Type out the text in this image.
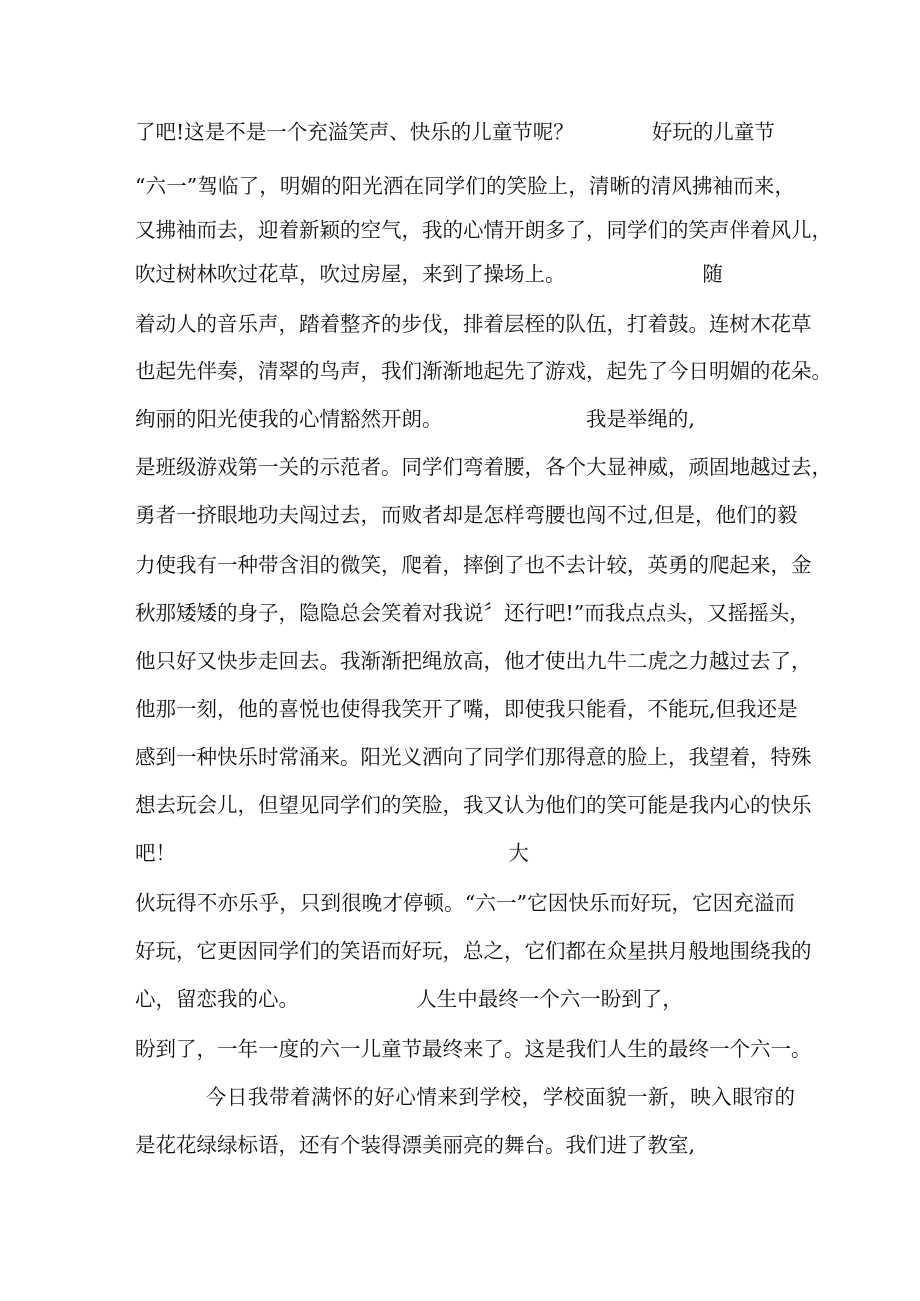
了吧!这是不是一个充溢笑声、快乐的儿童节呢？            好玩的儿童节

“六一”驾临了，明媚的阳光洒在同学们的笑脸上，清晰的清风拂袖而来，

又拂袖而去，迎着新颖的空气，我的心情开朗多了，同学们的笑声伴着风儿，

吹过树林吹过花草，吹过房屋，来到了操场上。                     随

着动人的音乐声，踏着整齐的步伐，排着层桎的队伍，打着鼓。连树木花草

也起先伴奏，清翠的鸟声，我们渐渐地起先了游戏，起先了今日明媚的花朵。

绚丽的阳光使我的心情豁然开朗。                      我是举绳的,

是班级游戏第一关的示范者。同学们弯着腰，各个大显神威，顽固地越过去，

勇者一挤眼地功夫闯过去，而败者却是怎样弯腰也闯不过,但是，他们的毅

力使我有一种带含泪的微笑，爬着，摔倒了也不去计较，英勇的爬起来，金

秋那矮矮的身子，隐隐总会笑着对我说〞还行吧!”而我点点头，又摇摇头，

他只好又快步走回去。我渐渐把绳放高，他才使出九牛二虎之力越过去了，

他那一刻，他的喜悦也使得我笑开了嘴，即使我只能看，不能玩,但我还是

感到一种快乐时常涌来。阳光义洒向了同学们那得意的脸上，我望着，特殊

想去玩会儿，但望见同学们的笑脸，我又认为他们的笑可能是我内心的快乐

吧！                                                   大

伙玩得不亦乐乎，只到很晚才停顿。“六一”它因快乐而好玩，它因充溢而

好玩，它更因同学们的笑语而好玩，总之，它们都在众星拱月般地围绕我的

心，留恋我的心。                  人生中最终一个六一盼到了，

盼到了，一年一度的六一儿童节最终来了。这是我们人生的最终一个六一。

今日我带着满怀的好心情来到学校，学校面貌一新，映入眼帘的

是花花绿绿标语，还有个装得漂美丽亮的舞台。我们进了教室,
